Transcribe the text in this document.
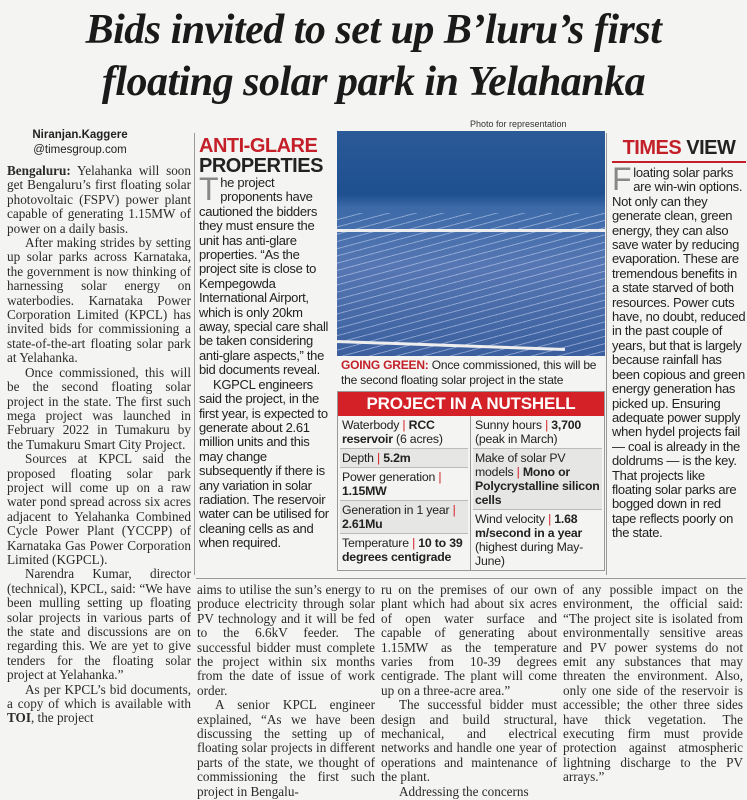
Bids invited to set up B’luru’s first
floating solar park in Yelahanka
Niranjan.Kaggere
@timesgroup.com
Photo for representation

Bengaluru: Yelahanka will soon get Bengaluru’s first floating solar photovoltaic (FSPV) power plant capable of generating 1.15MW of power on a daily basis.

After making strides by setting up solar parks across Karnataka, the government is now thinking of harnessing solar energy on waterbodies. Karnataka Power Corporation Limited (KPCL) has invited bids for commissioning a state-of-the-art floating solar park at Yelahanka.

Once commissioned, this will be the second floating solar project in the state. The first such mega project was launched in February 2022 in Tumakuru by the Tumakuru Smart City Project.

Sources at KPCL said the proposed floating solar park project will come up on a raw water pond spread across six acres adjacent to Yelahanka Combined Cycle Power Plant (YCCPP) of Karnataka Gas Power Corporation Limited (KGPCL).

Narendra Kumar, director (technical), KPCL, said: “We have been mulling setting up floating solar projects in various parts of the state and discussions are on regarding this. We are yet to give tenders for the floating solar project at Yelahanka.”

As per KPCL’s bid documents, a copy of which is available with TOI, the project

ANTI-GLARE
PROPERTIES

The project proponents have cautioned the bidders they must ensure the unit has anti-glare properties. “As the project site is close to Kempegowda International Airport, which is only 20km away, special care shall be taken considering anti-glare aspects,” the bid documents reveal.

KGPCL engineers said the project, in the first year, is expected to generate about 2.61 million units and this may change subsequently if there is any variation in solar radiation. The reservoir water can be utilised for cleaning cells as and when required.

GOING GREEN: Once commissioned, this will be the second floating solar project in the state
PROJECT IN A NUTSHELL
Waterbody | RCC reservoir (6 acres)
Depth | 5.2m
Power generation | 1.15MW
Generation in 1 year | 2.61Mu
Temperature | 10 to 39 degrees centigrade
Sunny hours | 3,700 (peak in March)
Make of solar PV models | Mono or Polycrystalline silicon cells
Wind velocity | 1.68 m/second in a year (highest during May-June)
TIMES VIEW

Floating solar parks are win-win options. Not only can they generate clean, green energy, they can also save water by reducing evaporation. These are tremendous benefits in a state starved of both resources. Power cuts have, no doubt, reduced in the past couple of years, but that is largely because rainfall has been copious and green energy generation has picked up. Ensuring adequate power supply when hydel projects fail — coal is already in the doldrums — is the key. That projects like floating solar parks are bogged down in red tape reflects poorly on the state.

aims to utilise the sun’s energy to produce electricity through solar PV technology and it will be fed to the 6.6kV feeder. The successful bidder must complete the project within six months from the date of issue of work order.

A senior KPCL engineer explained, “As we have been discussing the setting up of floating solar projects in different parts of the state, we thought of commissioning the first such project in Bengalu-

ru on the premises of our own plant which had about six acres of open water surface and capable of generating about 1.15MW as the temperature varies from 10-39 degrees centigrade. The plant will come up on a three-acre area.”

The successful bidder must design and build structural, mechanical, and electrical networks and handle one year of operations and maintenance of the plant.

Addressing the concerns

of any possible impact on the environment, the official said: “The project site is isolated from environmentally sensitive areas and PV power systems do not emit any substances that may threaten the environment. Also, only one side of the reservoir is accessible; the other three sides have thick vegetation. The executing firm must provide protection against atmospheric lightning discharge to the PV arrays.”
